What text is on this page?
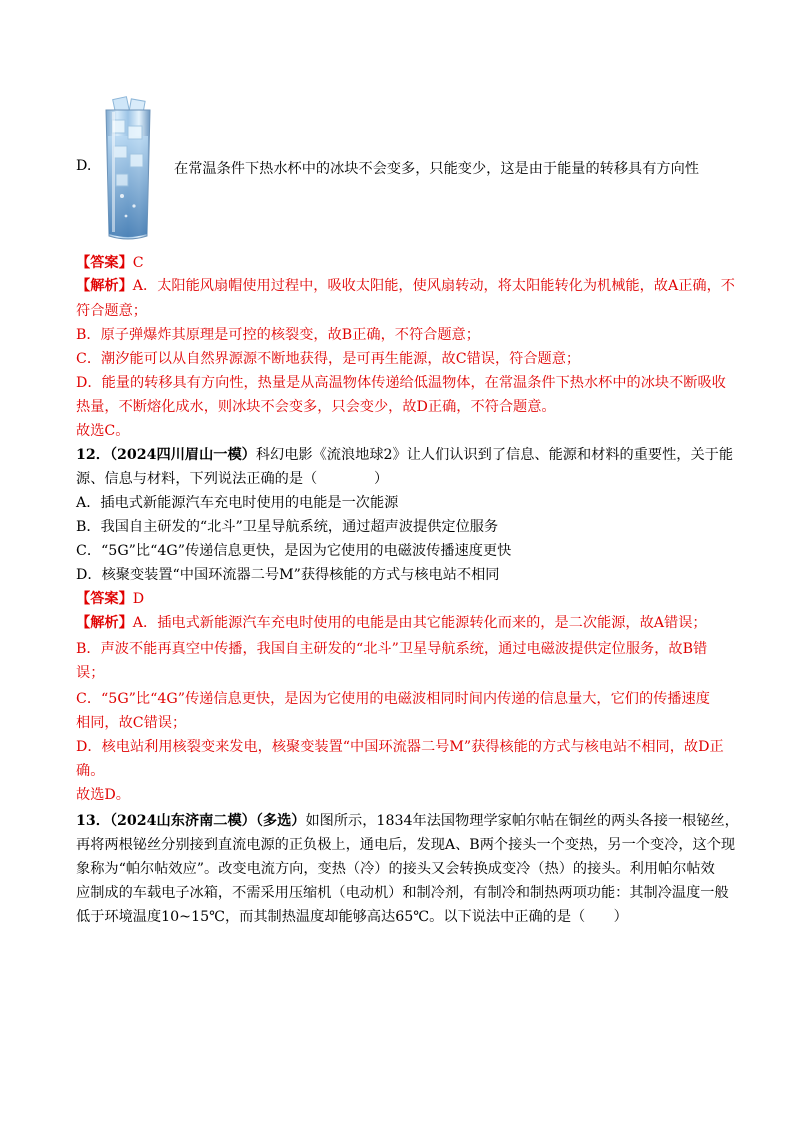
D.	在常温条件下热水杯中的冰块不会变多，只能变少，这是由于能量的转移具有方向性
【答案】C
【解析】A．太阳能风扇帽使用过程中，吸收太阳能，使风扇转动，将太阳能转化为机械能，故A正确，不
符合题意；
B．原子弹爆炸其原理是可控的核裂变，故B正确，不符合题意；
C．潮汐能可以从自然界源源不断地获得，是可再生能源，故C错误，符合题意；
D．能量的转移具有方向性，热量是从高温物体传递给低温物体，在常温条件下热水杯中的冰块不断吸收
热量，不断熔化成水，则冰块不会变多，只会变少，故D正确，不符合题意。
故选C。
12．（2024四川眉山一模）科幻电影《流浪地球2》让人们认识到了信息、能源和材料的重要性，关于能
源、信息与材料，下列说法正确的是（　　　　）
A．插电式新能源汽车充电时使用的电能是一次能源
B．我国自主研发的“北斗”卫星导航系统，通过超声波提供定位服务
C．“5G”比“4G”传递信息更快，是因为它使用的电磁波传播速度更快
D．核聚变装置“中国环流器二号M”获得核能的方式与核电站不相同
【答案】D
【解析】A．插电式新能源汽车充电时使用的电能是由其它能源转化而来的，是二次能源，故A错误；
B．声波不能再真空中传播，我国自主研发的“北斗”卫星导航系统，通过电磁波提供定位服务，故B错
误；
C．“5G”比“4G”传递信息更快，是因为它使用的电磁波相同时间内传递的信息量大，它们的传播速度
相同，故C错误；
D．核电站利用核裂变来发电，核聚变装置“中国环流器二号M”获得核能的方式与核电站不相同，故D正
确。
故选D。
13．（2024山东济南二模）（多选）如图所示，1834年法国物理学家帕尔帖在铜丝的两头各接一根铋丝，
再将两根铋丝分别接到直流电源的正负极上，通电后，发现A、B两个接头一个变热，另一个变冷，这个现
象称为“帕尔帖效应”。改变电流方向，变热（冷）的接头又会转换成变冷（热）的接头。利用帕尔帖效
应制成的车载电子冰箱，不需采用压缩机（电动机）和制冷剂，有制冷和制热两项功能：其制冷温度一般
低于环境温度10~15℃，而其制热温度却能够高达65℃。以下说法中正确的是（　　）
